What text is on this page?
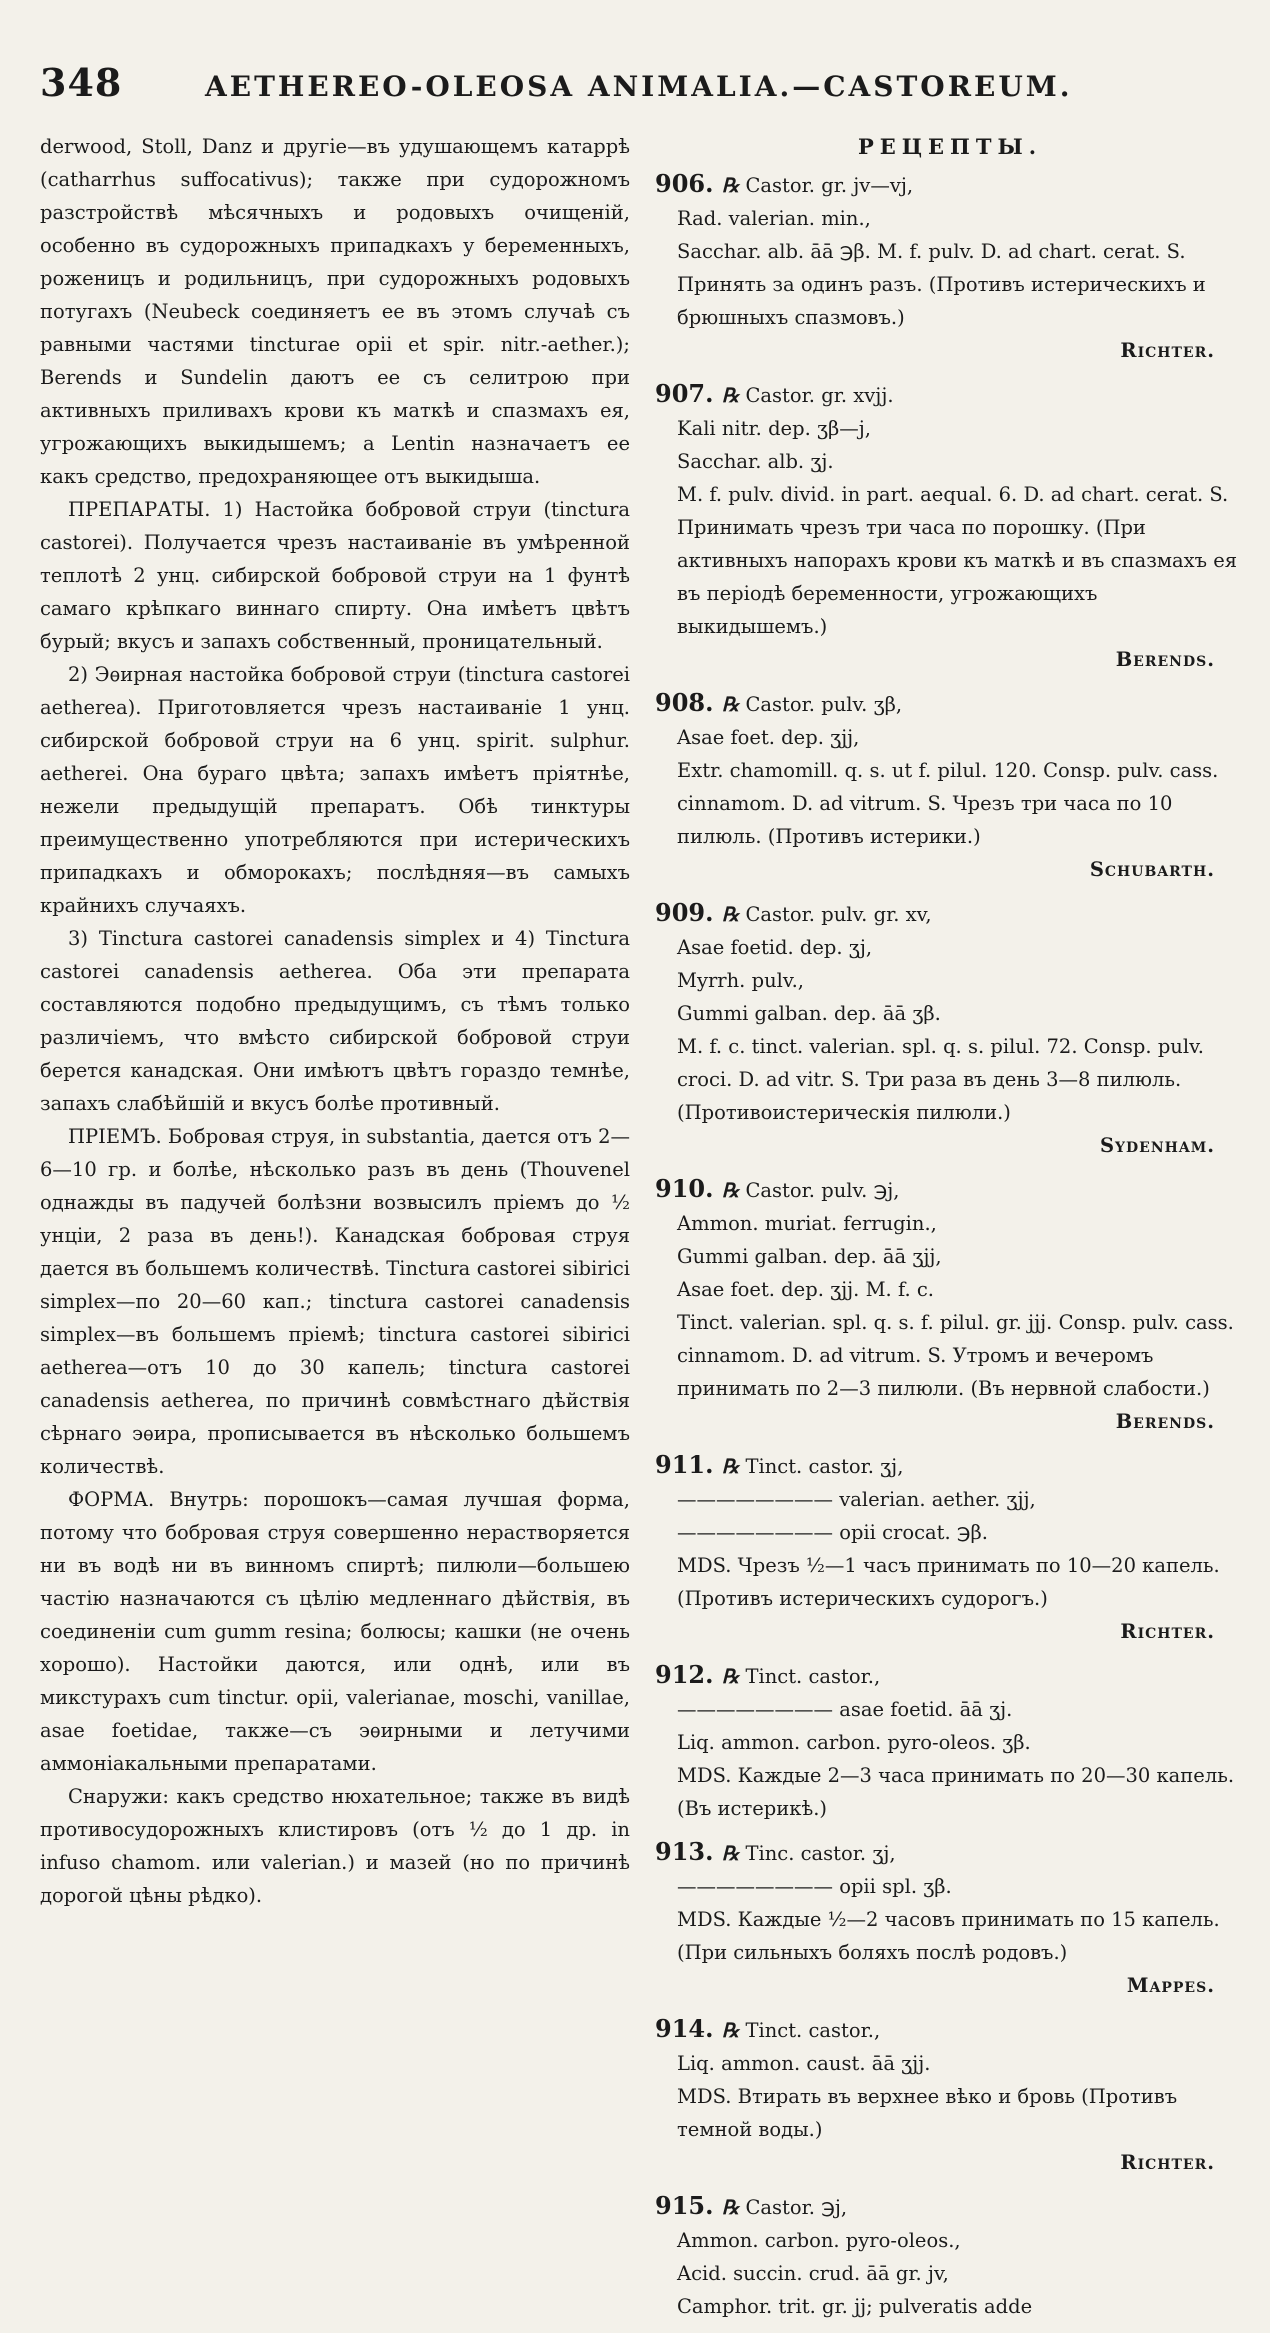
348	AETHEREO-OLEOSA ANIMALIA.—CASTOREUM.

derwood, Stoll, Danz и другіе—въ удушающемъ катаррѣ (catharrhus suffocativus); также при судорожномъ разстройствѣ мѣсячныхъ и родовыхъ очищеній, особенно въ судорожныхъ припадкахъ у беременныхъ, роженицъ и родильницъ, при судорожныхъ родовыхъ потугахъ (Neubeck соединяетъ ее въ этомъ случаѣ съ равными частями tincturae opii et spir. nitr.-aether.); Berends и Sundelin даютъ ее съ селитрою при активныхъ приливахъ крови къ маткѣ и спазмахъ ея, угрожающихъ выкидышемъ; а Lentin назначаетъ ее какъ средство, предохраняющее отъ выкидыша.

ПРЕПАРАТЫ. 1) Настойка бобровой струи (tinctura castorei). Получается чрезъ настаиваніе въ умѣренной теплотѣ 2 унц. сибирской бобровой струи на 1 фунтѣ самаго крѣпкаго виннаго спирту. Она имѣетъ цвѣтъ бурый; вкусъ и запахъ собственный, проницательный.

2) Эѳирная настойка бобровой струи (tinctura castorei aetherea). Приготовляется чрезъ настаиваніе 1 унц. сибирской бобровой струи на 6 унц. spirit. sulphur. aetherei. Она бураго цвѣта; запахъ имѣетъ пріятнѣе, нежели предыдущій препаратъ. Обѣ тинктуры преимущественно употребляются при истерическихъ припадкахъ и обморокахъ; послѣдняя—въ самыхъ крайнихъ случаяхъ.

3) Tinctura castorei canadensis simplex и 4) Tinctura castorei canadensis aetherea. Оба эти препарата составляются подобно предыдущимъ, съ тѣмъ только различіемъ, что вмѣсто сибирской бобровой струи берется канадская. Они имѣютъ цвѣтъ гораздо темнѣе, запахъ слабѣйшій и вкусъ болѣе противный.

ПРІЕМЪ. Бобровая струя, in substantia, дается отъ 2—6—10 гр. и болѣе, нѣсколько разъ въ день (Thouvenel однажды въ падучей болѣзни возвысилъ пріемъ до ½ унціи, 2 раза въ день!). Канадская бобровая струя дается въ большемъ количествѣ. Tinctura castorei sibirici simplex—по 20—60 кап.; tinctura castorei canadensis simplex—въ большемъ пріемѣ; tinctura castorei sibirici aetherea—отъ 10 до 30 капель; tinctura castorei canadensis aetherea, по причинѣ совмѣстнаго дѣйствія сѣрнаго эѳира, прописывается въ нѣсколько большемъ количествѣ.

ФОРМА. Внутрь: порошокъ—самая лучшая форма, потому что бобровая струя совершенно нерастворяется ни въ водѣ ни въ винномъ спиртѣ; пилюли—большею частію назначаются съ цѣлію медленнаго дѣйствія, въ соединеніи cum gumm resina; болюсы; кашки (не очень хорошо). Настойки даются, или однѣ, или въ микстурахъ cum tinctur. opii, valerianae, moschi, vanillae, asae foetidae, также—съ эѳирными и летучими аммоніакальными препаратами.

Снаружи: какъ средство нюхательное; также въ видѣ противосудорожныхъ клистировъ (отъ ½ до 1 др. in infuso chamom. или valerian.) и мазей (но по причинѣ дорогой цѣны рѣдко).

РЕЦЕПТЫ.
906. ℞ Castor. gr. jv—vj,
Rad. valerian. min.,
Sacchar. alb. āā ℈β. M. f. pulv. D. ad chart. cerat. S. Принять за одинъ разъ. (Противъ истерическихъ и брюшныхъ спазмовъ.)
Richter.
907. ℞ Castor. gr. xvjj.
Kali nitr. dep. ʒβ—j,
Sacchar. alb. ʒj.
M. f. pulv. divid. in part. aequal. 6. D. ad chart. cerat. S. Принимать чрезъ три часа по порошку. (При активныхъ напорахъ крови къ маткѣ и въ спазмахъ ея въ періодѣ беременности, угрожающихъ выкидышемъ.)
Berends.
908. ℞ Castor. pulv. ʒβ,
Asae foet. dep. ʒjj,
Extr. chamomill. q. s. ut f. pilul. 120. Consp. pulv. cass. cinnamom. D. ad vitrum. S. Чрезъ три часа по 10 пилюль. (Противъ истерики.)
Schubarth.
909. ℞ Castor. pulv. gr. xv,
Asae foetid. dep. ʒj,
Myrrh. pulv.,
Gummi galban. dep. āā ʒβ.
M. f. c. tinct. valerian. spl. q. s. pilul. 72. Consp. pulv. croci. D. ad vitr. S. Три раза въ день 3—8 пилюль. (Противоистерическія пилюли.)
Sydenham.
910. ℞ Castor. pulv. ℈j,
Ammon. muriat. ferrugin.,
Gummi galban. dep. āā ʒjj,
Asae foet. dep. ʒjj. M. f. c.
Tinct. valerian. spl. q. s. f. pilul. gr. jjj. Consp. pulv. cass. cinnamom. D. ad vitrum. S. Утромъ и вечеромъ принимать по 2—3 пилюли. (Въ нервной слабости.)
Berends.
911. ℞ Tinct. castor. ʒj,
———————— valerian. aether. ʒjj,
———————— opii crocat. ℈β.
MDS. Чрезъ ½—1 часъ принимать по 10—20 капель. (Противъ истерическихъ судорогъ.)
Richter.
912. ℞ Tinct. castor.,
———————— asae foetid. āā ʒj.
Liq. ammon. carbon. pyro-oleos. ʒβ.
MDS. Каждые 2—3 часа принимать по 20—30 капель. (Въ истерикѣ.)
913. ℞ Tinc. castor. ʒj,
———————— opii spl. ʒβ.
MDS. Каждые ½—2 часовъ принимать по 15 капель. (При сильныхъ боляхъ послѣ родовъ.)
Mappes.
914. ℞ Tinct. castor.,
Liq. ammon. caust. āā ʒjj.
MDS. Втирать въ верхнее вѣко и бровь (Противъ темной воды.)
Richter.
915. ℞ Castor. ℈j,
Ammon. carbon. pyro-oleos.,
Acid. succin. crud. āā gr. jv,
Camphor. trit. gr. jj; pulveratis adde
